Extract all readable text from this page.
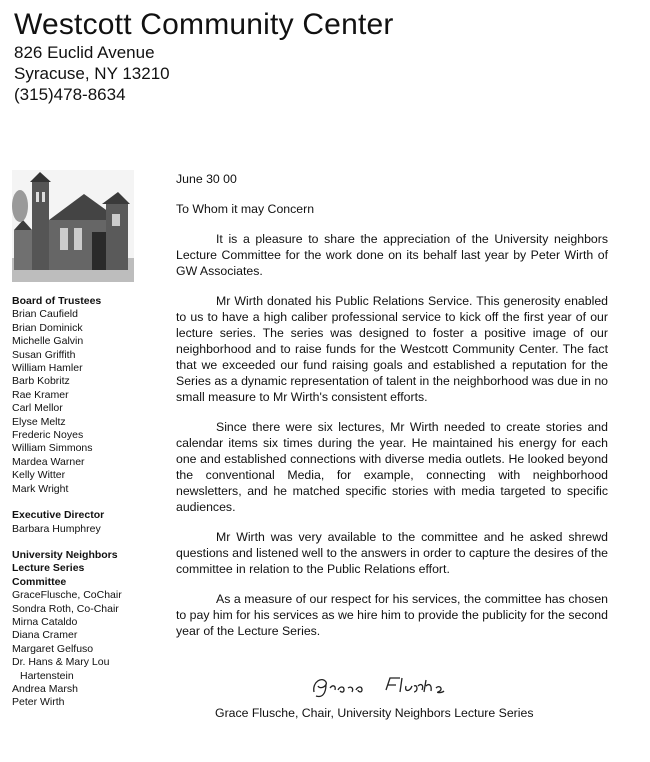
Westcott Community Center

826 Euclid Avenue

Syracuse, NY 13210

(315)478-8634

Board of Trustees
Brian Caufield
Brian Dominick
Michelle Galvin
Susan Griffith
William Hamler
Barb Kobritz
Rae Kramer
Carl Mellor
Elyse Meltz
Frederic Noyes
William Simmons
Mardea Warner
Kelly Witter
Mark Wright
Executive Director
Barbara Humphrey
University Neighbors
Lecture Series
Committee
GraceFlusche, CoChair
Sondra Roth, Co-Chair
Mirna Cataldo
Diana Cramer
Margaret Gelfuso
Dr. Hans & Mary Lou
Hartenstein
Andrea Marsh
Peter Wirth

June 30 00

To Whom it may Concern

It is a pleasure to share the appreciation of the University neighbors Lecture Committee for the work done on its behalf last year by Peter Wirth of GW Associates.

Mr Wirth donated his Public Relations Service. This generosity enabled to us to have a high caliber professional service to kick off the first year of our lecture series. The series was designed to foster a positive image of our neighborhood and to raise funds for the Westcott Community Center. The fact that we exceeded our fund raising goals and established a reputation for the Series as a dynamic representation of talent in the neighborhood was due in no small measure to Mr Wirth's consistent efforts.

Since there were six lectures, Mr Wirth needed to create stories and calendar items six times during the year. He maintained his energy for each one and established connections with diverse media outlets. He looked beyond the conventional Media, for example, connecting with neighborhood newsletters, and he matched specific stories with media targeted to specific audiences.

Mr Wirth was very available to the committee and he asked shrewd questions and listened well to the answers in order to capture the desires of the committee in relation to the Public Relations effort.

As a measure of our respect for his services, the committee has chosen to pay him for his services as we hire him to provide the publicity for the second year of the Lecture Series.

Grace Flusche, Chair, University Neighbors Lecture Series
